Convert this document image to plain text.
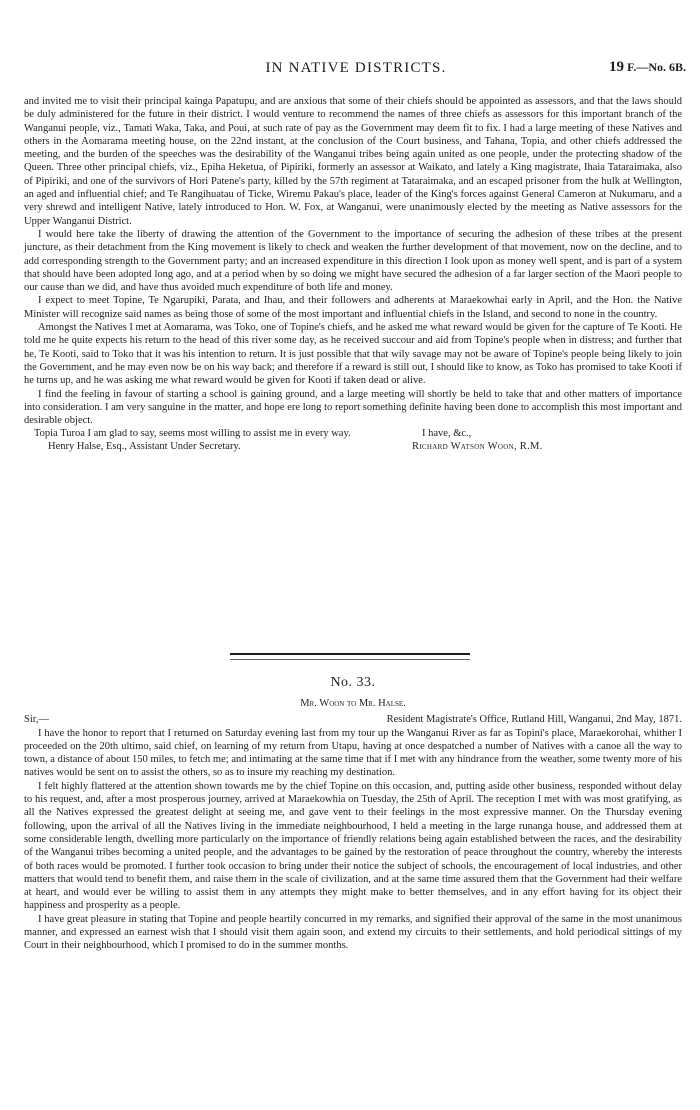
IN NATIVE DISTRICTS.	19 F.—No. 6B.

and invited me to visit their principal kainga Papatupu, and are anxious that some of their chiefs should be appointed as assessors, and that the laws should be duly administered for the future in their district. I would venture to recommend the names of three chiefs as assessors for this important branch of the Wanganui people, viz., Tamati Waka, Taka, and Poui, at such rate of pay as the Government may deem fit to fix. I had a large meeting of these Natives and others in the Aomarama meeting house, on the 22nd instant, at the conclusion of the Court business, and Tahana, Topia, and other chiefs addressed the meeting, and the burden of the speeches was the desirability of the Wanganui tribes being again united as one people, under the protecting shadow of the Queen. Three other principal chiefs, viz., Epiha Heketua, of Pipiriki, formerly an assessor at Waikato, and lately a King magistrate, Ihaia Tataraimaka, also of Pipiriki, and one of the survivors of Hori Patene's party, killed by the 57th regiment at Tataraimaka, and an escaped prisoner from the hulk at Wellington, an aged and influential chief; and Te Rangihuatau of Ticke, Wiremu Pakau's place, leader of the King's forces against General Cameron at Nukumaru, and a very shrewd and intelligent Native, lately introduced to Hon. W. Fox, at Wanganui, were unanimously elected by the meeting as Native assessors for the Upper Wanganui District.

I would here take the liberty of drawing the attention of the Government to the importance of securing the adhesion of these tribes at the present juncture, as their detachment from the King movement is likely to check and weaken the further development of that movement, now on the decline, and to add corresponding strength to the Government party; and an increased expenditure in this direction I look upon as money well spent, and is part of a system that should have been adopted long ago, and at a period when by so doing we might have secured the adhesion of a far larger section of the Maori people to our cause than we did, and have thus avoided much expenditure of both life and money.

I expect to meet Topine, Te Ngarupiki, Parata, and Ihau, and their followers and adherents at Maraekowhai early in April, and the Hon. the Native Minister will recognize said names as being those of some of the most important and influential chiefs in the Island, and second to none in the country.

Amongst the Natives I met at Aomarama, was Toko, one of Topine's chiefs, and he asked me what reward would be given for the capture of Te Kooti. He told me he quite expects his return to the head of this river some day, as he received succour and aid from Topine's people when in distress; and further that he, Te Kooti, said to Toko that it was his intention to return. It is just possible that that wily savage may not be aware of Topine's people being likely to join the Government, and he may even now be on his way back; and therefore if a reward is still out, I should like to know, as Toko has promised to take Kooti if he turns up, and he was asking me what reward would be given for Kooti if taken dead or alive.

I find the feeling in favour of starting a school is gaining ground, and a large meeting will shortly be held to take that and other matters of importance into consideration. I am very sanguine in the matter, and hope ere long to report something definite having been done to accomplish this most important and desirable object.

Topia Turoa I am glad to say, seems most willing to assist me in every way.	I have, &c.,
Henry Halse, Esq., Assistant Under Secretary.	Richard Watson Woon, R.M.
No. 33.
Mr. Woon to Mr. Halse.
Sir,—	Resident Magistrate's Office, Rutland Hill, Wanganui, 2nd May, 1871.

I have the honor to report that I returned on Saturday evening last from my tour up the Wanganui River as far as Topini's place, Maraekorohai, whither I proceeded on the 20th ultimo, said chief, on learning of my return from Utapu, having at once despatched a number of Natives with a canoe all the way to town, a distance of about 150 miles, to fetch me; and intimating at the same time that if I met with any hindrance from the weather, some twenty more of his natives would be sent on to assist the others, so as to insure my reaching my destination.

I felt highly flattered at the attention shown towards me by the chief Topine on this occasion, and, putting aside other business, responded without delay to his request, and, after a most prosperous journey, arrived at Maraekowhia on Tuesday, the 25th of April. The reception I met with was most gratifying, as all the Natives expressed the greatest delight at seeing me, and gave vent to their feelings in the most expressive manner. On the Thursday evening following, upon the arrival of all the Natives living in the immediate neighbourhood, I held a meeting in the large runanga house, and addressed them at some considerable length, dwelling more particularly on the importance of friendly relations being again established between the races, and the desirability of the Wanganui tribes becoming a united people, and the advantages to be gained by the restoration of peace throughout the country, whereby the interests of both races would be promoted. I further took occasion to bring under their notice the subject of schools, the encouragement of local industries, and other matters that would tend to benefit them, and raise them in the scale of civilization, and at the same time assured them that the Government had their welfare at heart, and would ever be willing to assist them in any attempts they might make to better themselves, and in any effort having for its object their happiness and prosperity as a people.

I have great pleasure in stating that Topine and people heartily concurred in my remarks, and signified their approval of the same in the most unanimous manner, and expressed an earnest wish that I should visit them again soon, and extend my circuits to their settlements, and hold periodical sittings of my Court in their neighbourhood, which I promised to do in the summer months.
